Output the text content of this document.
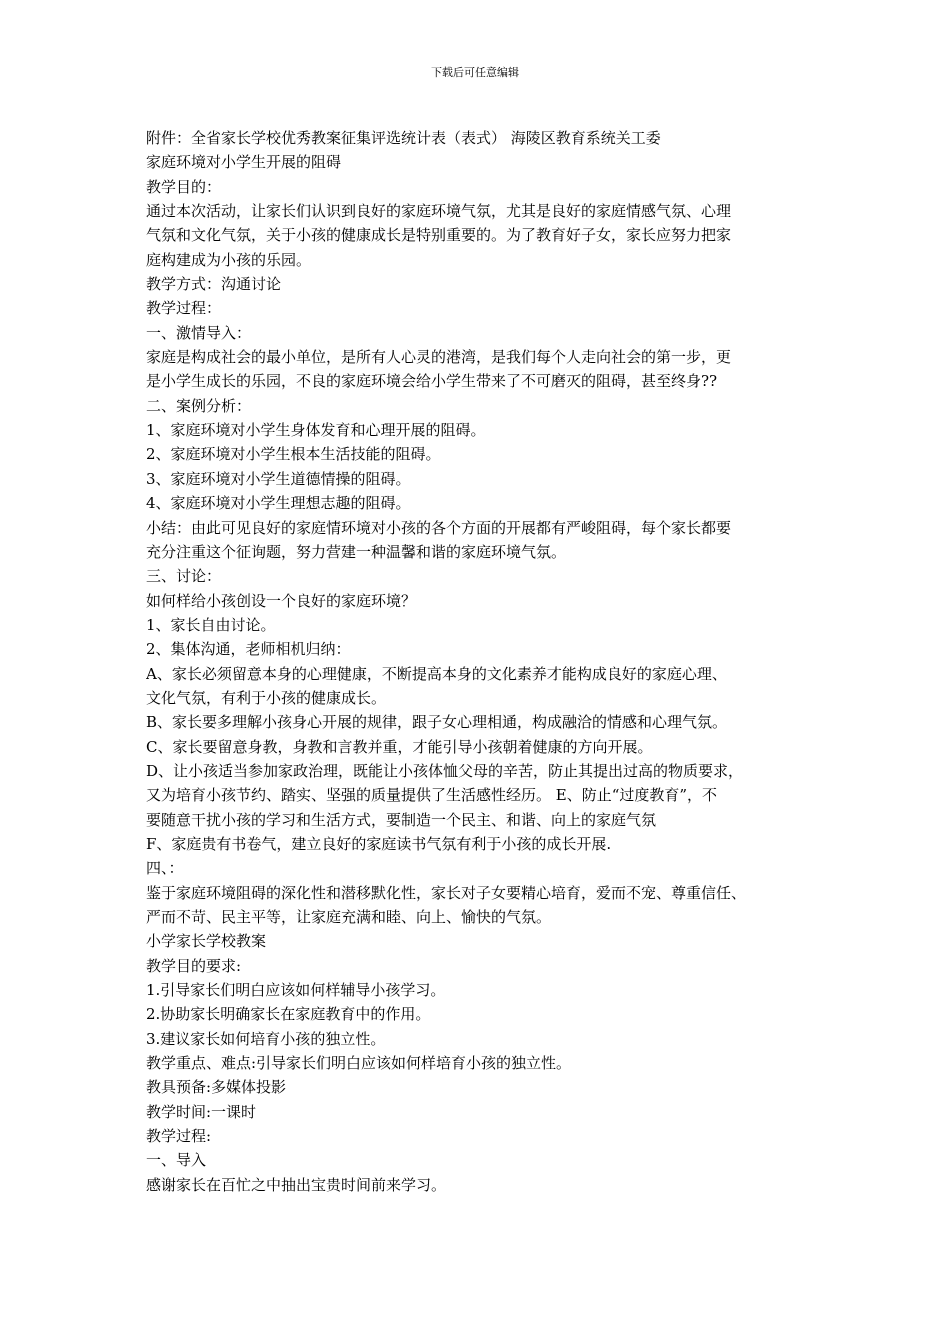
下载后可任意编辑
附件：全省家长学校优秀教案征集评选统计表（表式） 海陵区教育系统关工委
家庭环境对小学生开展的阻碍
教学目的：
通过本次活动，让家长们认识到良好的家庭环境气氛，尤其是良好的家庭情感气氛、心理
气氛和文化气氛，关于小孩的健康成长是特别重要的。为了教育好子女，家长应努力把家
庭构建成为小孩的乐园。
教学方式：沟通讨论
教学过程：
一、激情导入：
家庭是构成社会的最小单位，是所有人心灵的港湾，是我们每个人走向社会的第一步，更
是小学生成长的乐园，不良的家庭环境会给小学生带来了不可磨灭的阻碍，甚至终身??
二、案例分析：
1、家庭环境对小学生身体发育和心理开展的阻碍。
2、家庭环境对小学生根本生活技能的阻碍。
3、家庭环境对小学生道德情操的阻碍。
4、家庭环境对小学生理想志趣的阻碍。
小结：由此可见良好的家庭情环境对小孩的各个方面的开展都有严峻阻碍，每个家长都要
充分注重这个征询题，努力营建一种温馨和谐的家庭环境气氛。
三、讨论：
如何样给小孩创设一个良好的家庭环境？
1、家长自由讨论。
2、集体沟通，老师相机归纳：
A、家长必须留意本身的心理健康，不断提高本身的文化素养才能构成良好的家庭心理、
文化气氛，有利于小孩的健康成长。
B、家长要多理解小孩身心开展的规律，跟子女心理相通，构成融洽的情感和心理气氛。
C、家长要留意身教，身教和言教并重，才能引导小孩朝着健康的方向开展。
D、让小孩适当参加家政治理，既能让小孩体恤父母的辛苦，防止其提出过高的物质要求，
又为培育小孩节约、踏实、坚强的质量提供了生活感性经历。 E、防止“过度教育”，不
要随意干扰小孩的学习和生活方式，要制造一个民主、和谐、向上的家庭气氛
F、家庭贵有书卷气，建立良好的家庭读书气氛有利于小孩的成长开展.
四、：
鉴于家庭环境阻碍的深化性和潜移默化性，家长对子女要精心培育，爱而不宠、尊重信任、
严而不苛、民主平等，让家庭充满和睦、向上、愉快的气氛。
小学家长学校教案
教学目的要求:
1.引导家长们明白应该如何样辅导小孩学习。
2.协助家长明确家长在家庭教育中的作用。
3.建议家长如何培育小孩的独立性。
教学重点、难点:引导家长们明白应该如何样培育小孩的独立性。
教具预备:多媒体投影
教学时间:一课时
教学过程:
一、导入
感谢家长在百忙之中抽出宝贵时间前来学习。
